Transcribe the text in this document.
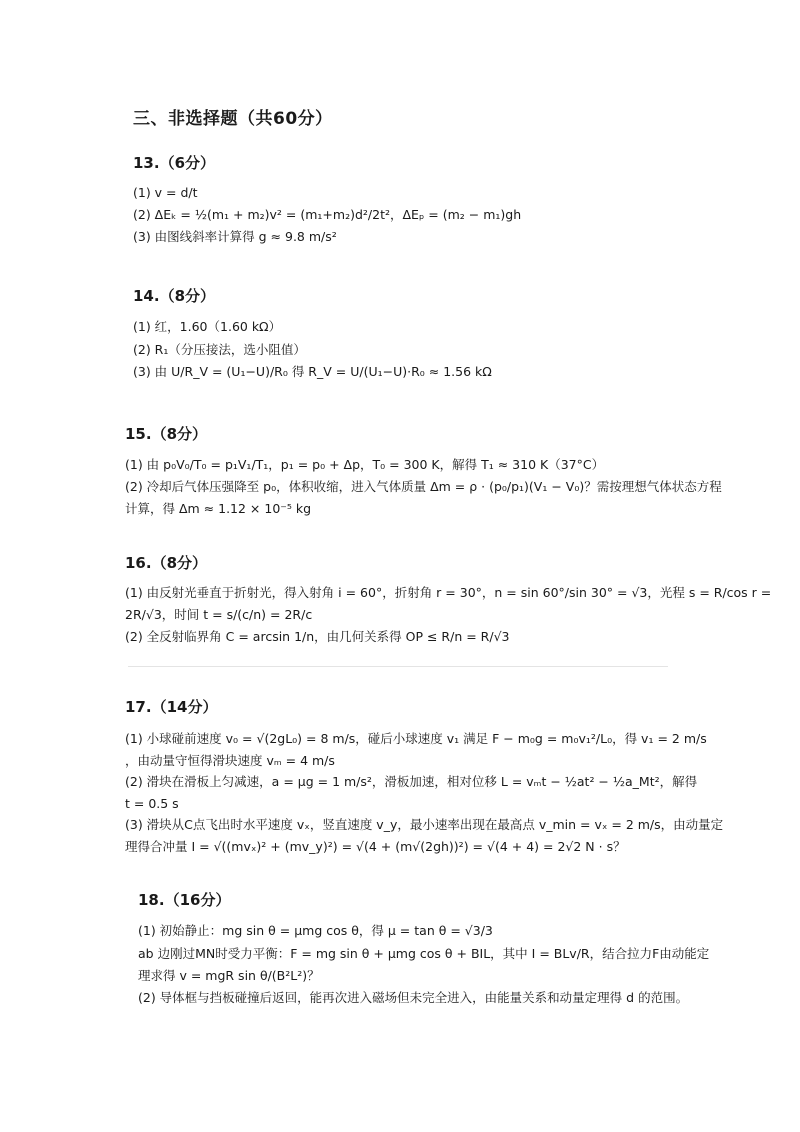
三、非选择题（共60分）
13.（6分）
(1) v = d/t
(2) ΔEₖ = ½(m₁ + m₂)v² = (m₁+m₂)d²/2t²，ΔEₚ = (m₂ − m₁)gh
(3) 由图线斜率计算得 g ≈ 9.8 m/s²
14.（8分）
(1) 红，1.60（1.60 kΩ）
(2) R₁（分压接法，选小阻值）
(3) 由 U/R_V = (U₁−U)/R₀ 得 R_V = U/(U₁−U)·R₀ ≈ 1.56 kΩ
15.（8分）
(1) 由 p₀V₀/T₀ = p₁V₁/T₁，p₁ = p₀ + Δp，T₀ = 300 K，解得 T₁ ≈ 310 K（37°C）
(2) 冷却后气体压强降至 p₀，体积收缩，进入气体质量 Δm = ρ · (p₀/p₁)(V₁ − V₀)？需按理想气体状态方程
计算，得 Δm ≈ 1.12 × 10⁻⁵ kg
16.（8分）
(1) 由反射光垂直于折射光，得入射角 i = 60°，折射角 r = 30°，n = sin 60°/sin 30° = √3，光程 s = R/cos r =
2R/√3，时间 t = s/(c/n) = 2R/c
(2) 全反射临界角 C = arcsin 1/n，由几何关系得 OP ≤ R/n = R/√3
17.（14分）
(1) 小球碰前速度 v₀ = √(2gL₀) = 8 m/s，碰后小球速度 v₁ 满足 F − m₀g = m₀v₁²/L₀，得 v₁ = 2 m/s
，由动量守恒得滑块速度 vₘ = 4 m/s
(2) 滑块在滑板上匀减速，a = μg = 1 m/s²，滑板加速，相对位移 L = vₘt − ½at² − ½a_Mt²，解得
t = 0.5 s
(3) 滑块从C点飞出时水平速度 vₓ，竖直速度 v_y，最小速率出现在最高点 v_min = vₓ = 2 m/s，由动量定
理得合冲量 I = √((mvₓ)² + (mv_y)²) = √(4 + (m√(2gh))²) = √(4 + 4) = 2√2 N · s？
18.（16分）
(1) 初始静止：mg sin θ = μmg cos θ，得 μ = tan θ = √3/3
ab 边刚过MN时受力平衡：F = mg sin θ + μmg cos θ + BIL，其中 I = BLv/R，结合拉力F由动能定
理求得 v = mgR sin θ/(B²L²)？
(2) 导体框与挡板碰撞后返回，能再次进入磁场但未完全进入，由能量关系和动量定理得 d 的范围。
